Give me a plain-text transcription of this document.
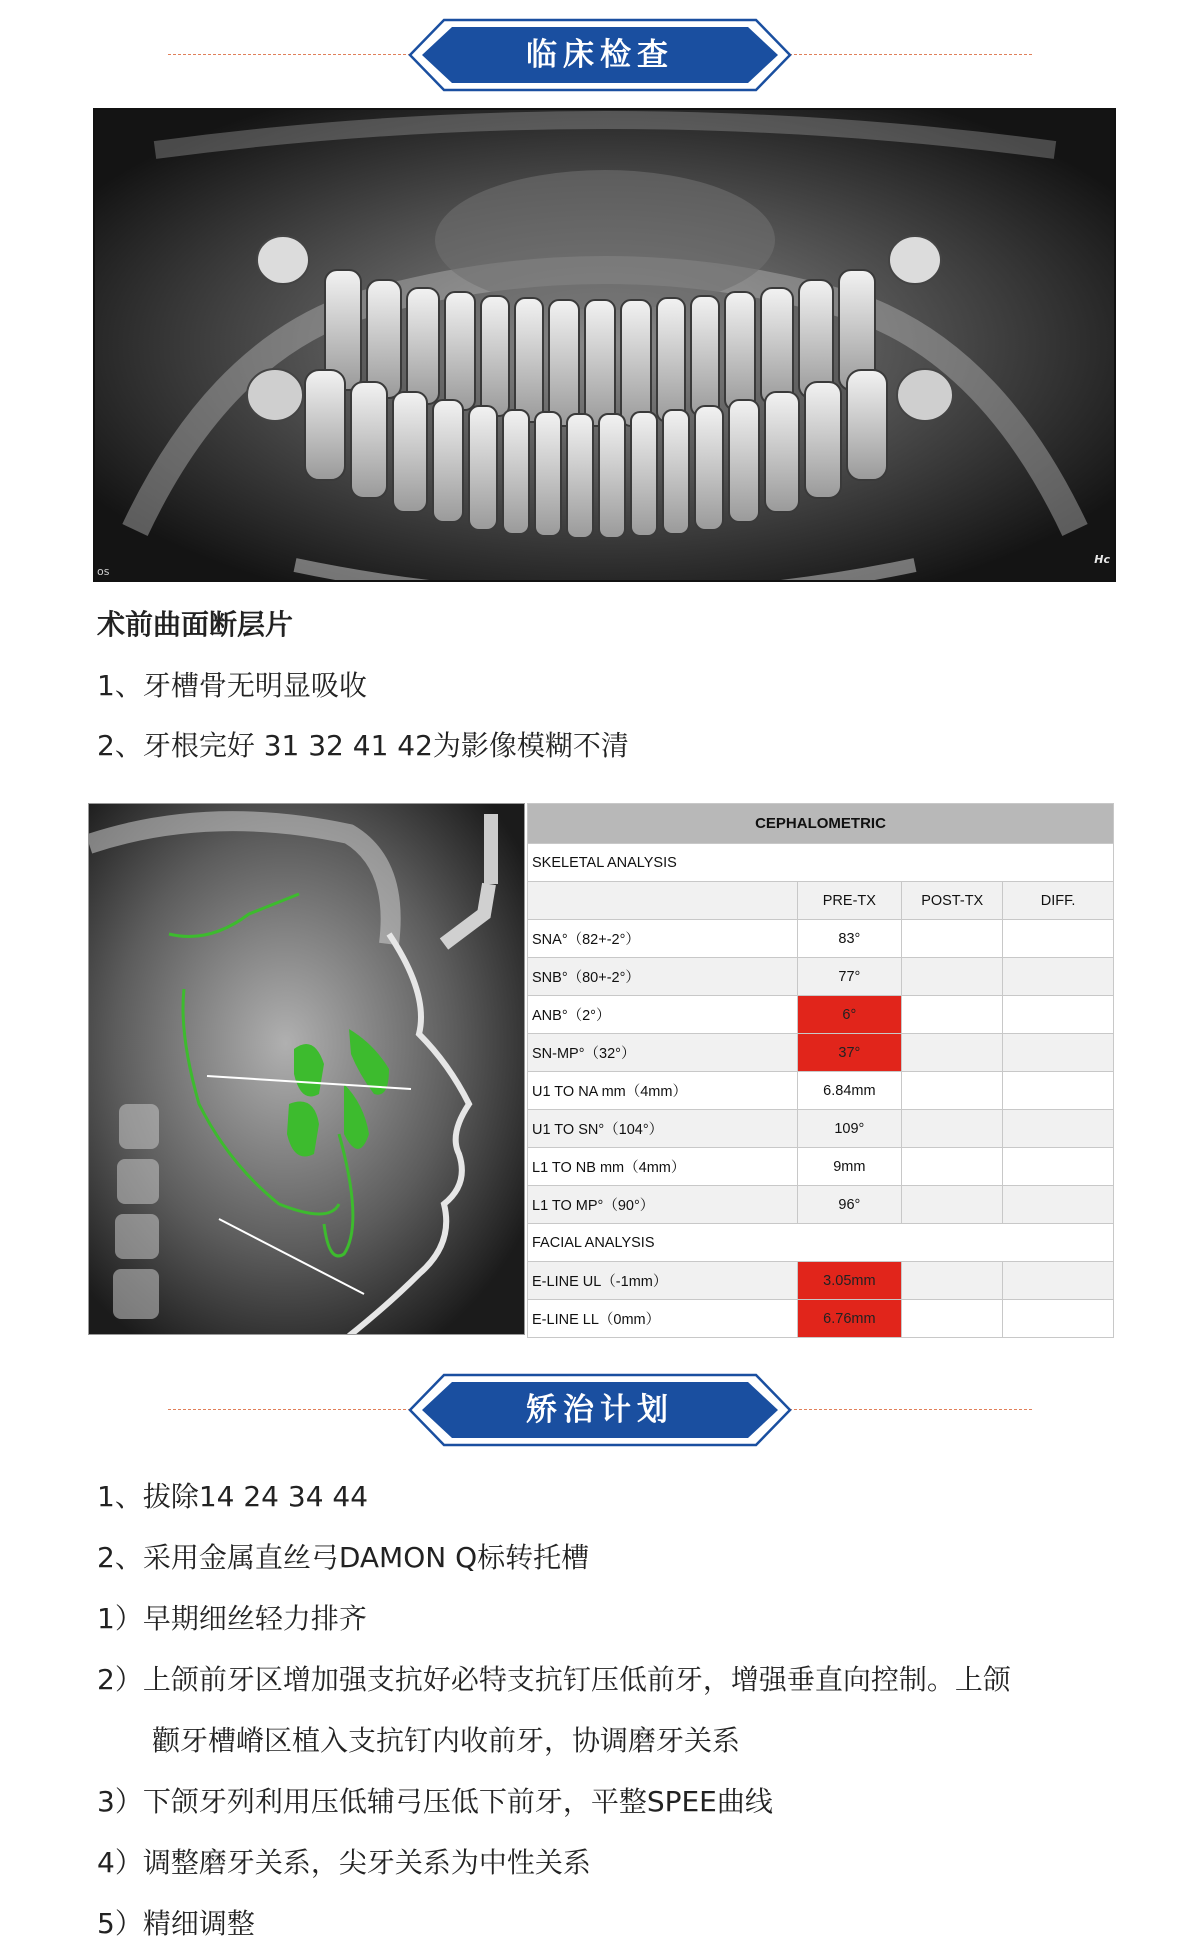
临床检查
os
Hc
术前曲面断层片
1、牙槽骨无明显吸收
2、牙根完好 31 32 41 42为影像模糊不清
CEPHALOMETRIC			
SKELETAL ANALYSIS			
	PRE-TX	POST-TX	DIFF.
SNA°（82+-2°）	83°		
SNB°（80+-2°）	77°		
ANB°（2°）	6°		
SN-MP°（32°）	37°		
U1 TO NA mm（4mm）	6.84mm		
U1 TO SN°（104°）	109°		
L1 TO NB mm（4mm）	9mm		
L1 TO MP°（90°）	96°		
FACIAL ANALYSIS			
E-LINE UL（-1mm）	3.05mm		
E-LINE LL（0mm）	6.76mm		
矫治计划
1、拔除14 24 34 44
2、采用金属直丝弓DAMON Q标转托槽
1）早期细丝轻力排齐
2）上颌前牙区增加强支抗好必特支抗钉压低前牙，增强垂直向控制。上颌
颧牙槽嵴区植入支抗钉内收前牙，协调磨牙关系
3）下颌牙列利用压低辅弓压低下前牙，平整SPEE曲线
4）调整磨牙关系，尖牙关系为中性关系
5）精细调整
